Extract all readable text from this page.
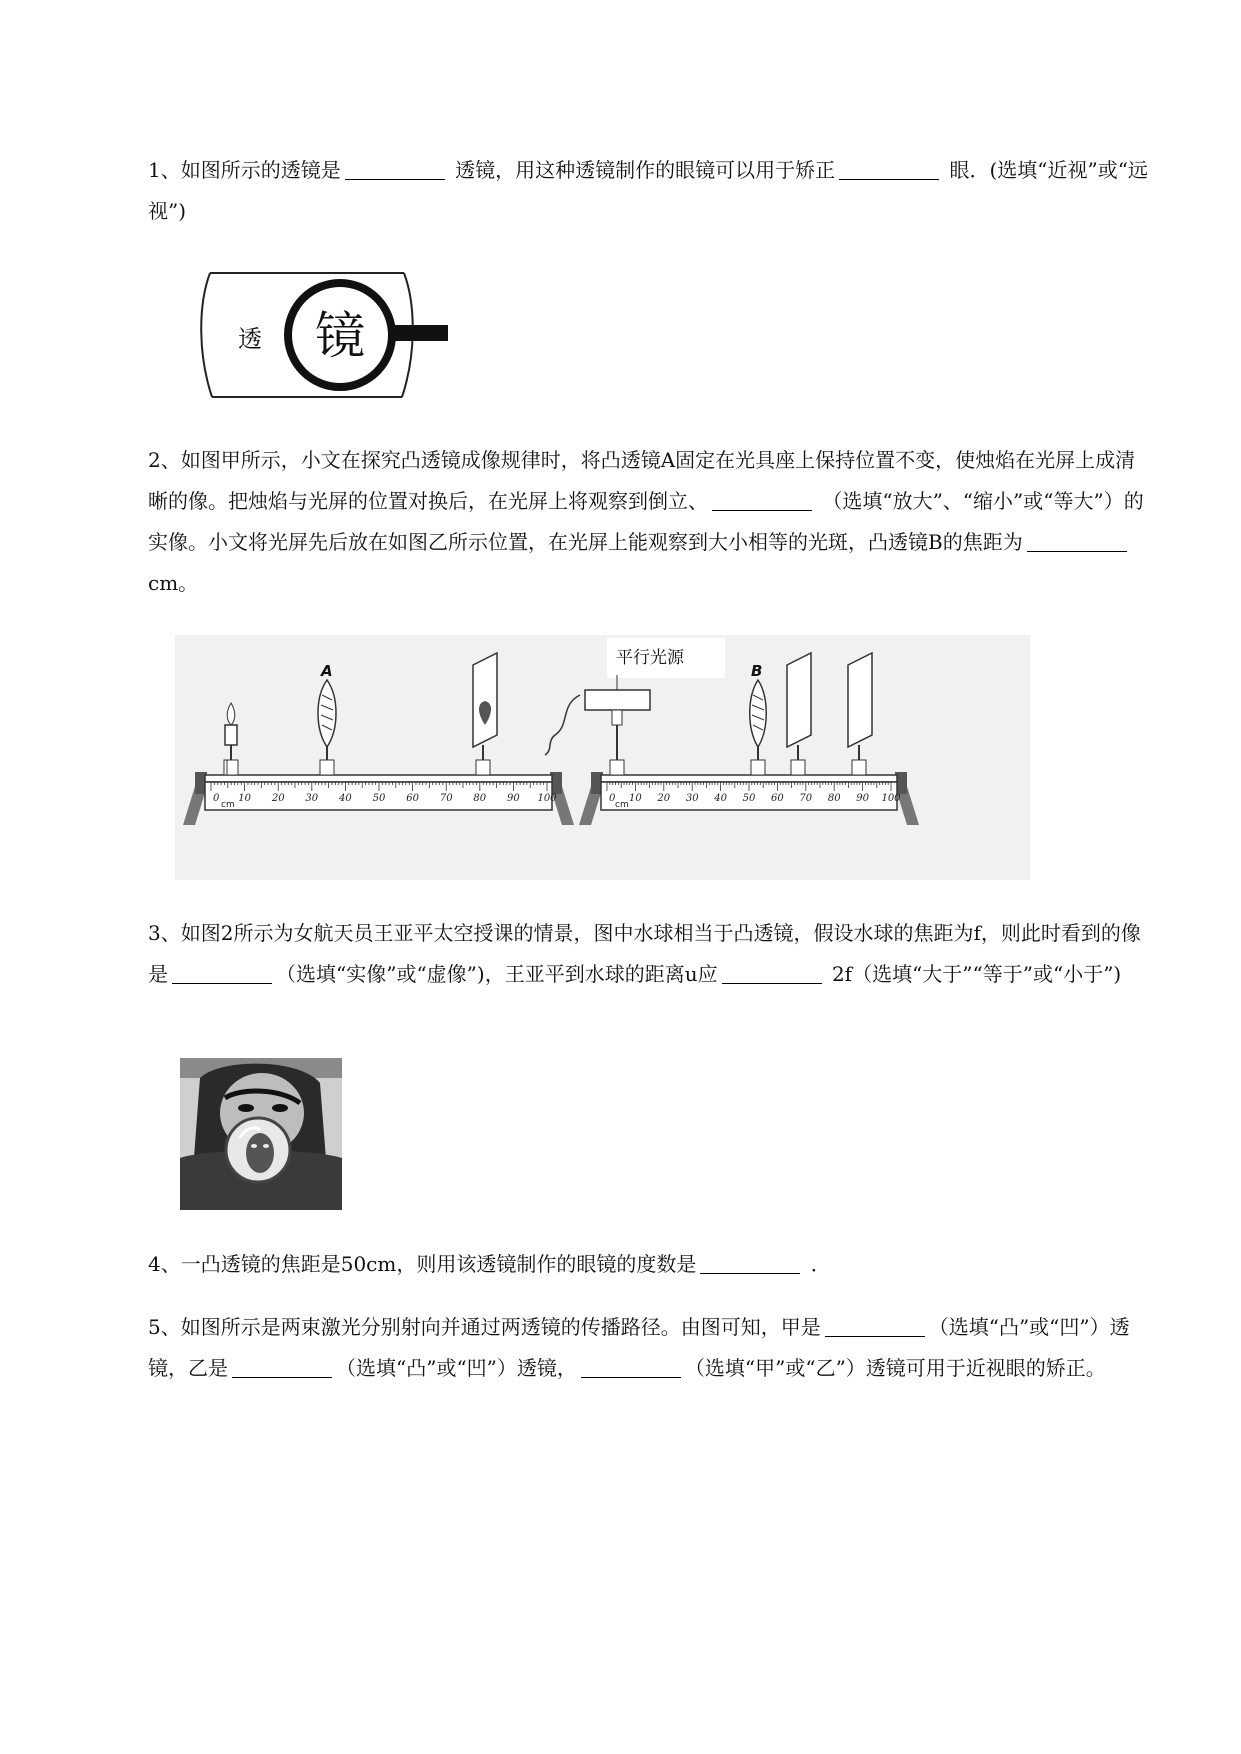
1、如图所示的透镜是	透镜，用这种透镜制作的眼镜可以用于矫正	眼．(选填“近视”或“远视”)
透 镜
2、如图甲所示，小文在探究凸透镜成像规律时，将凸透镜A固定在光具座上保持位置不变，使烛焰在光屏上成清晰的像。把烛焰与光屏的位置对换后，在光屏上将观察到倒立、	（选填“放大”、“缩小”或“等大”）的实像。小文将光屏先后放在如图乙所示位置，在光屏上能观察到大小相等的光斑，凸透镜B的焦距为 cm。
0 10 20 30 40 50 60 70 80 90 100
cm
A
0 10 20 30 40 50 60 70 80 90 100
cm
平行光源
B
3、如图2所示为女航天员王亚平太空授课的情景，图中水球相当于凸透镜，假设水球的焦距为f，则此时看到的像是	（选填“实像”或“虚像”)，王亚平到水球的距离u应	2f（选填“大于”“等于”或“小于”)
4、一凸透镜的焦距是50cm，则用该透镜制作的眼镜的度数是	．
5、如图所示是两束激光分别射向并通过两透镜的传播路径。由图可知，甲是	（选填“凸”或“凹”）透镜，乙是	（选填“凸”或“凹”）透镜，	（选填“甲”或“乙”）透镜可用于近视眼的矫正。
